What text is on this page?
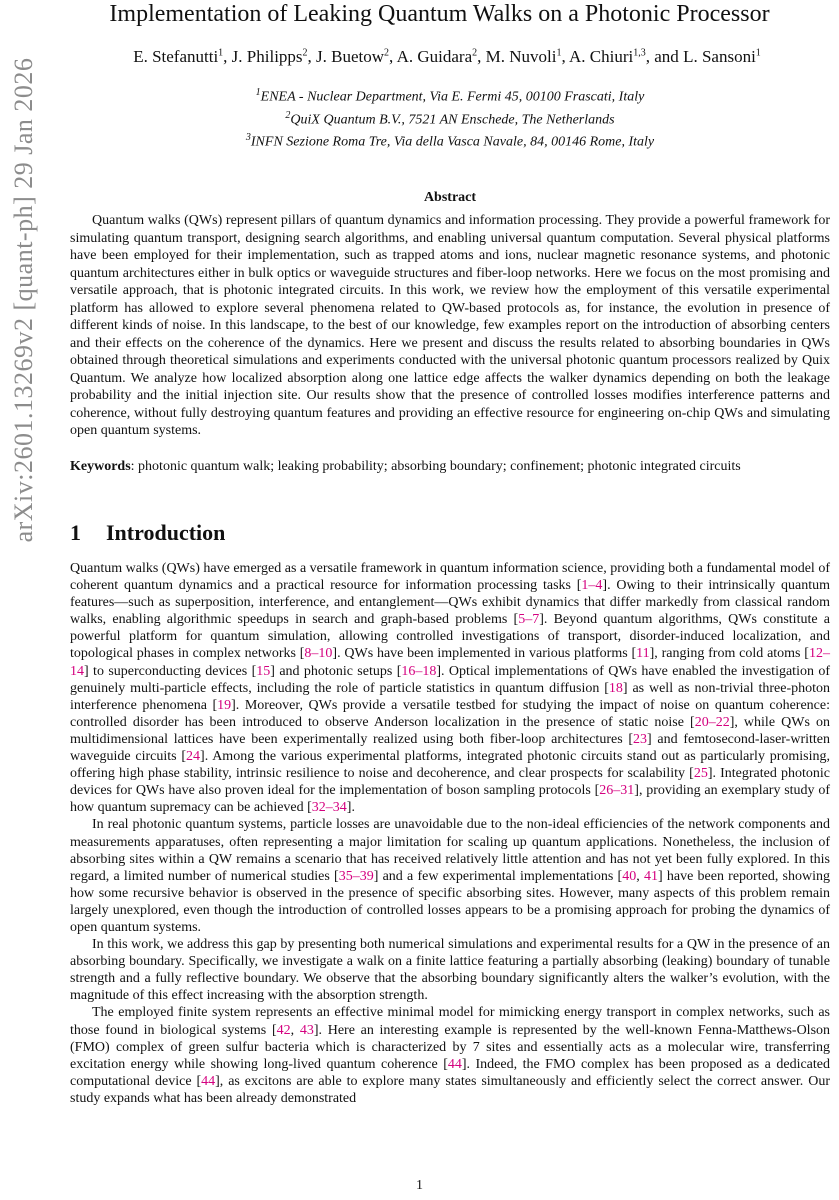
arXiv:2601.13269v2 [quant-ph] 29 Jan 2026
Implementation of Leaking Quantum Walks on a Photonic Processor
E. Stefanutti$^1$, J. Philipps$^2$, J. Buetow$^2$, A. Guidara$^2$, M. Nuvoli$^1$, A. Chiuri$^{1,3}$, and L. Sansoni$^1$
$^1$ENEA - Nuclear Department, Via E. Fermi 45, 00100 Frascati, Italy
$^2$QuiX Quantum B.V., 7521 AN Enschede, The Netherlands
$^3$INFN Sezione Roma Tre, Via della Vasca Navale, 84, 00146 Rome, Italy
Abstract
Quantum walks (QWs) represent pillars of quantum dynamics and information processing. They provide a powerful framework for simulating quantum transport, designing search algorithms, and enabling universal quantum computation. Several physical platforms have been employed for their implementation, such as trapped atoms and ions, nuclear magnetic resonance systems, and photonic quantum architectures either in bulk optics or waveguide structures and fiber-loop networks. Here we focus on the most promising and versatile approach, that is photonic integrated circuits. In this work, we review how the employment of this versatile experimental platform has allowed to explore several phenomena related to QW-based protocols as, for instance, the evolution in presence of different kinds of noise. In this landscape, to the best of our knowledge, few examples report on the introduction of absorbing centers and their effects on the coherence of the dynamics. Here we present and discuss the results related to absorbing boundaries in QWs obtained through theoretical simulations and experiments conducted with the universal photonic quantum processors realized by Quix Quantum. We analyze how localized absorption along one lattice edge affects the walker dynamics depending on both the leakage probability and the initial injection site. Our results show that the presence of controlled losses modifies interference patterns and coherence, without fully destroying quantum features and providing an effective resource for engineering on-chip QWs and simulating open quantum systems.
Keywords: photonic quantum walk; leaking probability; absorbing boundary; confinement; photonic integrated circuits
1 Introduction

Quantum walks (QWs) have emerged as a versatile framework in quantum information science, providing both a fundamental model of coherent quantum dynamics and a practical resource for information processing tasks [1–4]. Owing to their intrinsically quantum features—such as superposition, interference, and entanglement—QWs exhibit dynamics that differ markedly from classical random walks, enabling algorithmic speedups in search and graph-based problems [5–7]. Beyond quantum algorithms, QWs constitute a powerful platform for quantum simulation, allowing controlled investigations of transport, disorder-induced localization, and topological phases in complex networks [8–10]. QWs have been implemented in various platforms [11], ranging from cold atoms [12–14] to superconducting devices [15] and photonic setups [16–18]. Optical implementations of QWs have enabled the investigation of genuinely multi-particle effects, including the role of particle statistics in quantum diffusion [18] as well as non-trivial three-photon interference phenomena [19]. Moreover, QWs provide a versatile testbed for studying the impact of noise on quantum coherence: controlled disorder has been introduced to observe Anderson localization in the presence of static noise [20–22], while QWs on multidimensional lattices have been experimentally realized using both fiber-loop architectures [23] and femtosecond-laser-written waveguide circuits [24]. Among the various experimental platforms, integrated photonic circuits stand out as particularly promising, offering high phase stability, intrinsic resilience to noise and decoherence, and clear prospects for scalability [25]. Integrated photonic devices for QWs have also proven ideal for the implementation of boson sampling protocols [26–31], providing an exemplary study of how quantum supremacy can be achieved [32–34].

In real photonic quantum systems, particle losses are unavoidable due to the non-ideal efficiencies of the network components and measurements apparatuses, often representing a major limitation for scaling up quantum applications. Nonetheless, the inclusion of absorbing sites within a QW remains a scenario that has received relatively little attention and has not yet been fully explored. In this regard, a limited number of numerical studies [35–39] and a few experimental implementations [40, 41] have been reported, showing how some recursive behavior is observed in the presence of specific absorbing sites. However, many aspects of this problem remain largely unexplored, even though the introduction of controlled losses appears to be a promising approach for probing the dynamics of open quantum systems.

In this work, we address this gap by presenting both numerical simulations and experimental results for a QW in the presence of an absorbing boundary. Specifically, we investigate a walk on a finite lattice featuring a partially absorbing (leaking) boundary of tunable strength and a fully reflective boundary. We observe that the absorbing boundary significantly alters the walker’s evolution, with the magnitude of this effect increasing with the absorption strength.

The employed finite system represents an effective minimal model for mimicking energy transport in complex networks, such as those found in biological systems [42, 43]. Here an interesting example is represented by the well-known Fenna-Matthews-Olson (FMO) complex of green sulfur bacteria which is characterized by 7 sites and essentially acts as a molecular wire, transferring excitation energy while showing long-lived quantum coherence [44]. Indeed, the FMO complex has been proposed as a dedicated computational device [44], as excitons are able to explore many states simultaneously and efficiently select the correct answer. Our study expands what has been already demonstrated

1
